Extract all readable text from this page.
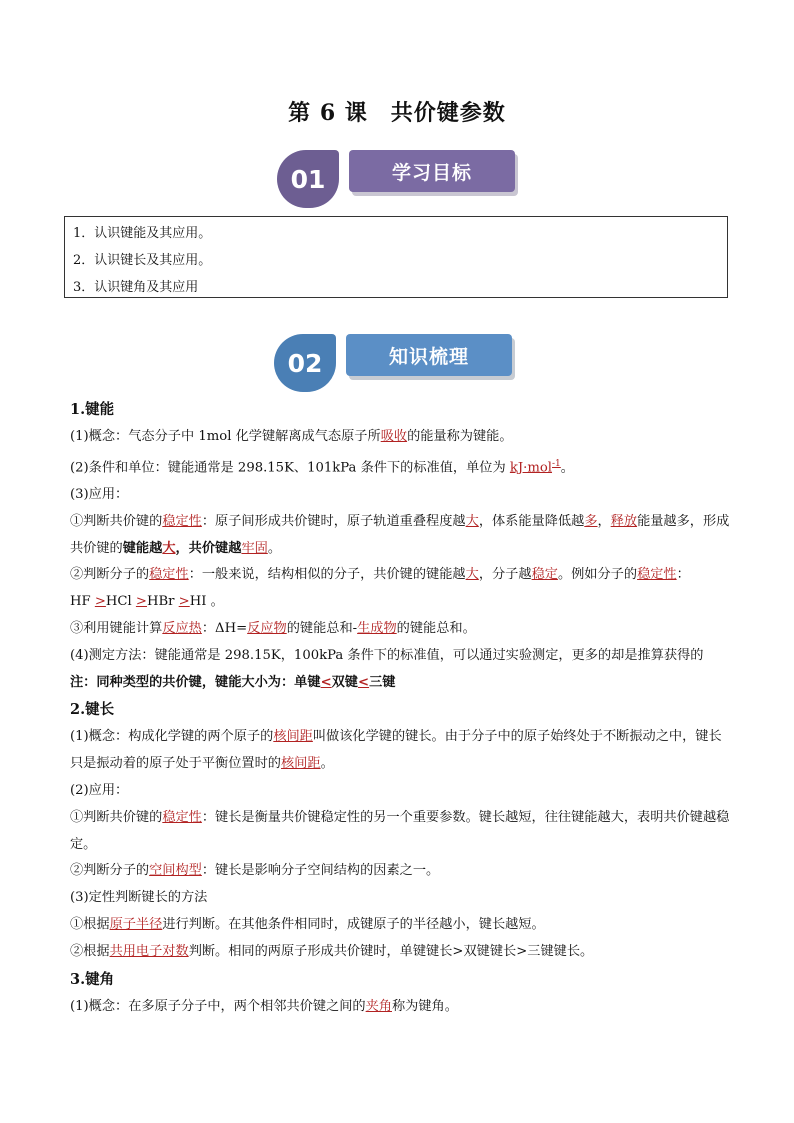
第 6 课　共价键参数
01	学习目标
1．认识键能及其应用。
2．认识键长及其应用。
3．认识键角及其应用
02	知识梳理

1.键能

(1)概念：气态分子中 1mol 化学键解离成气态原子所吸收的能量称为键能。

(2)条件和单位：键能通常是 298.15K、101kPa 条件下的标准值，单位为 kJ·mol$^{-1}$。

(3)应用：

①判断共价键的稳定性：原子间形成共价键时，原子轨道重叠程度越大，体系能量降低越多，释放能量越多，形成共价键的键能越大，共价键越牢固。

②判断分子的稳定性：一般来说，结构相似的分子，共价键的键能越大，分子越稳定。例如分子的稳定性：
HF >HCl >HBr >HI 。

③利用键能计算反应热：ΔH=反应物的键能总和-生成物的键能总和。

(4)测定方法：键能通常是 298.15K，100kPa 条件下的标准值，可以通过实验测定，更多的却是推算获得的

注：同种类型的共价键，键能大小为：单键<双键<三键

2.键长

(1)概念：构成化学键的两个原子的核间距叫做该化学键的键长。由于分子中的原子始终处于不断振动之中，键长只是振动着的原子处于平衡位置时的核间距。

(2)应用：

①判断共价键的稳定性：键长是衡量共价键稳定性的另一个重要参数。键长越短，往往键能越大，表明共价键越稳定。

②判断分子的空间构型：键长是影响分子空间结构的因素之一。

(3)定性判断键长的方法

①根据原子半径进行判断。在其他条件相同时，成键原子的半径越小，键长越短。

②根据共用电子对数判断。相同的两原子形成共价键时，单键键长>双键键长>三键键长。

3.键角

(1)概念：在多原子分子中，两个相邻共价键之间的夹角称为键角。
